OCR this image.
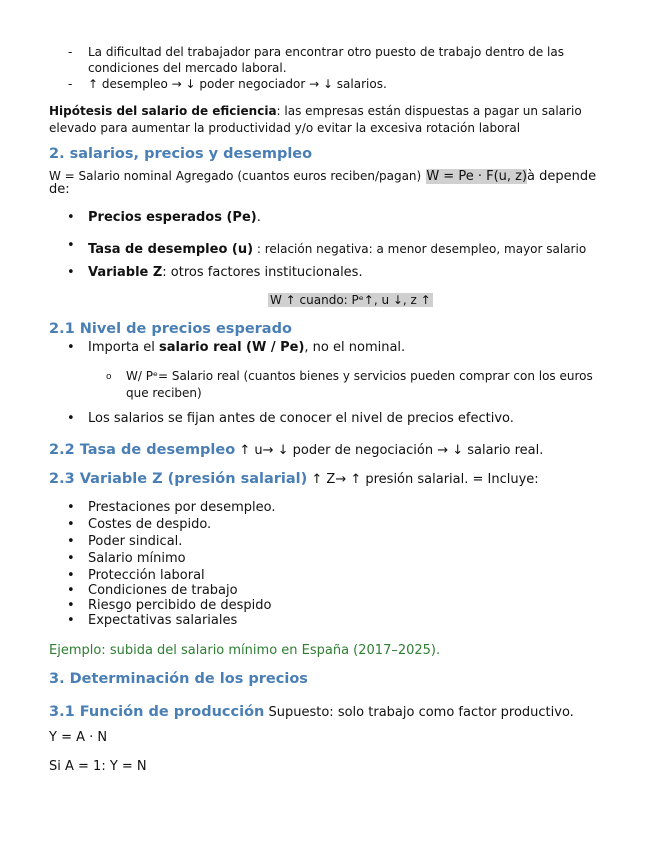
- La dificultad del trabajador para encontrar otro puesto de trabajo dentro de las
condiciones del mercado laboral.
- ↑ desempleo → ↓ poder negociador → ↓ salarios.
Hipótesis del salario de eficiencia: las empresas están dispuestas a pagar un salario
elevado para aumentar la productividad y/o evitar la excesiva rotación laboral
2. salarios, precios y desempleo
W = Salario nominal Agregado (cuantos euros reciben/pagan) W = Pe · F(u, z)à depende
de:
• Precios esperados (Pe).
• Tasa de desempleo (u) : relación negativa: a menor desempleo, mayor salario
• Variable Z: otros factores institucionales.
W ↑ cuando: Pᵉ↑, u ↓, z ↑
2.1 Nivel de precios esperado
• Importa el salario real (W / Pe), no el nominal.
o W/ Pᵉ= Salario real (cuantos bienes y servicios pueden comprar con los euros
que reciben)
• Los salarios se fijan antes de conocer el nivel de precios efectivo.
2.2 Tasa de desempleo ↑ u→ ↓ poder de negociación → ↓ salario real.
2.3 Variable Z (presión salarial) ↑ Z→ ↑ presión salarial. = Incluye:
• Prestaciones por desempleo.
• Costes de despido.
• Poder sindical.
• Salario mínimo
• Protección laboral
• Condiciones de trabajo
• Riesgo percibido de despido
• Expectativas salariales
Ejemplo: subida del salario mínimo en España (2017–2025).
3. Determinación de los precios
3.1 Función de producción Supuesto: solo trabajo como factor productivo.
Y = A · N
Si A = 1: Y = N
